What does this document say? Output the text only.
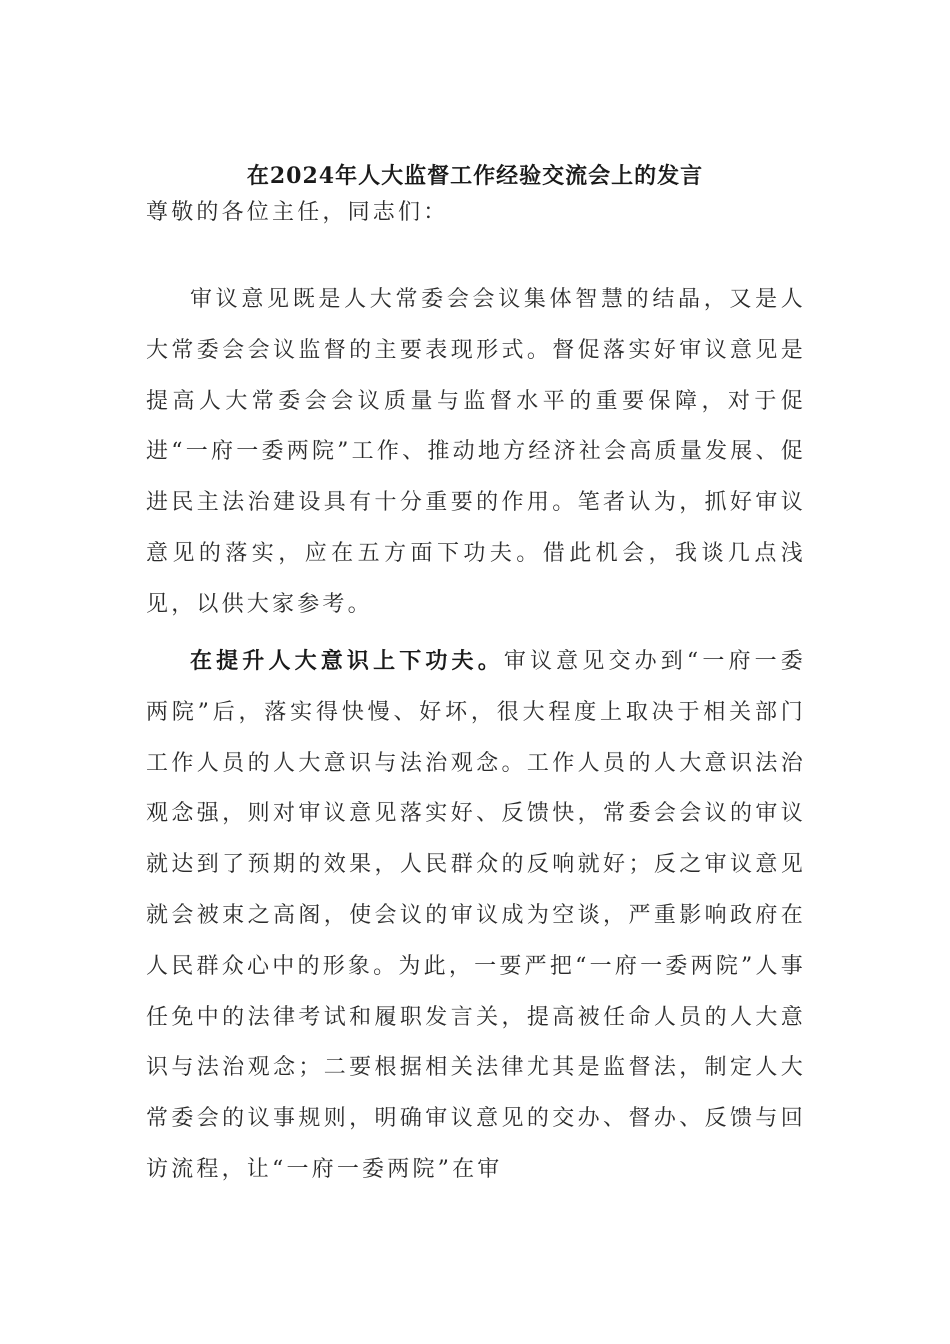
在2024年人大监督工作经验交流会上的发言

尊敬的各位主任，同志们：

审议意见既是人大常委会会议集体智慧的结晶，又是人大常委会会议监督的主要表现形式。督促落实好审议意见是提高人大常委会会议质量与监督水平的重要保障，对于促进“一府一委两院”工作、推动地方经济社会高质量发展、促进民主法治建设具有十分重要的作用。笔者认为，抓好审议意见的落实，应在五方面下功夫。借此机会，我谈几点浅见，以供大家参考。

在提升人大意识上下功夫。审议意见交办到“一府一委两院”后，落实得快慢、好坏，很大程度上取决于相关部门工作人员的人大意识与法治观念。工作人员的人大意识法治观念强，则对审议意见落实好、反馈快，常委会会议的审议就达到了预期的效果，人民群众的反响就好；反之审议意见就会被束之高阁，使会议的审议成为空谈，严重影响政府在人民群众心中的形象。为此，一要严把“一府一委两院”人事任免中的法律考试和履职发言关，提高被任命人员的人大意识与法治观念；二要根据相关法律尤其是监督法，制定人大常委会的议事规则，明确审议意见的交办、督办、反馈与回访流程，让“一府一委两院”在审
